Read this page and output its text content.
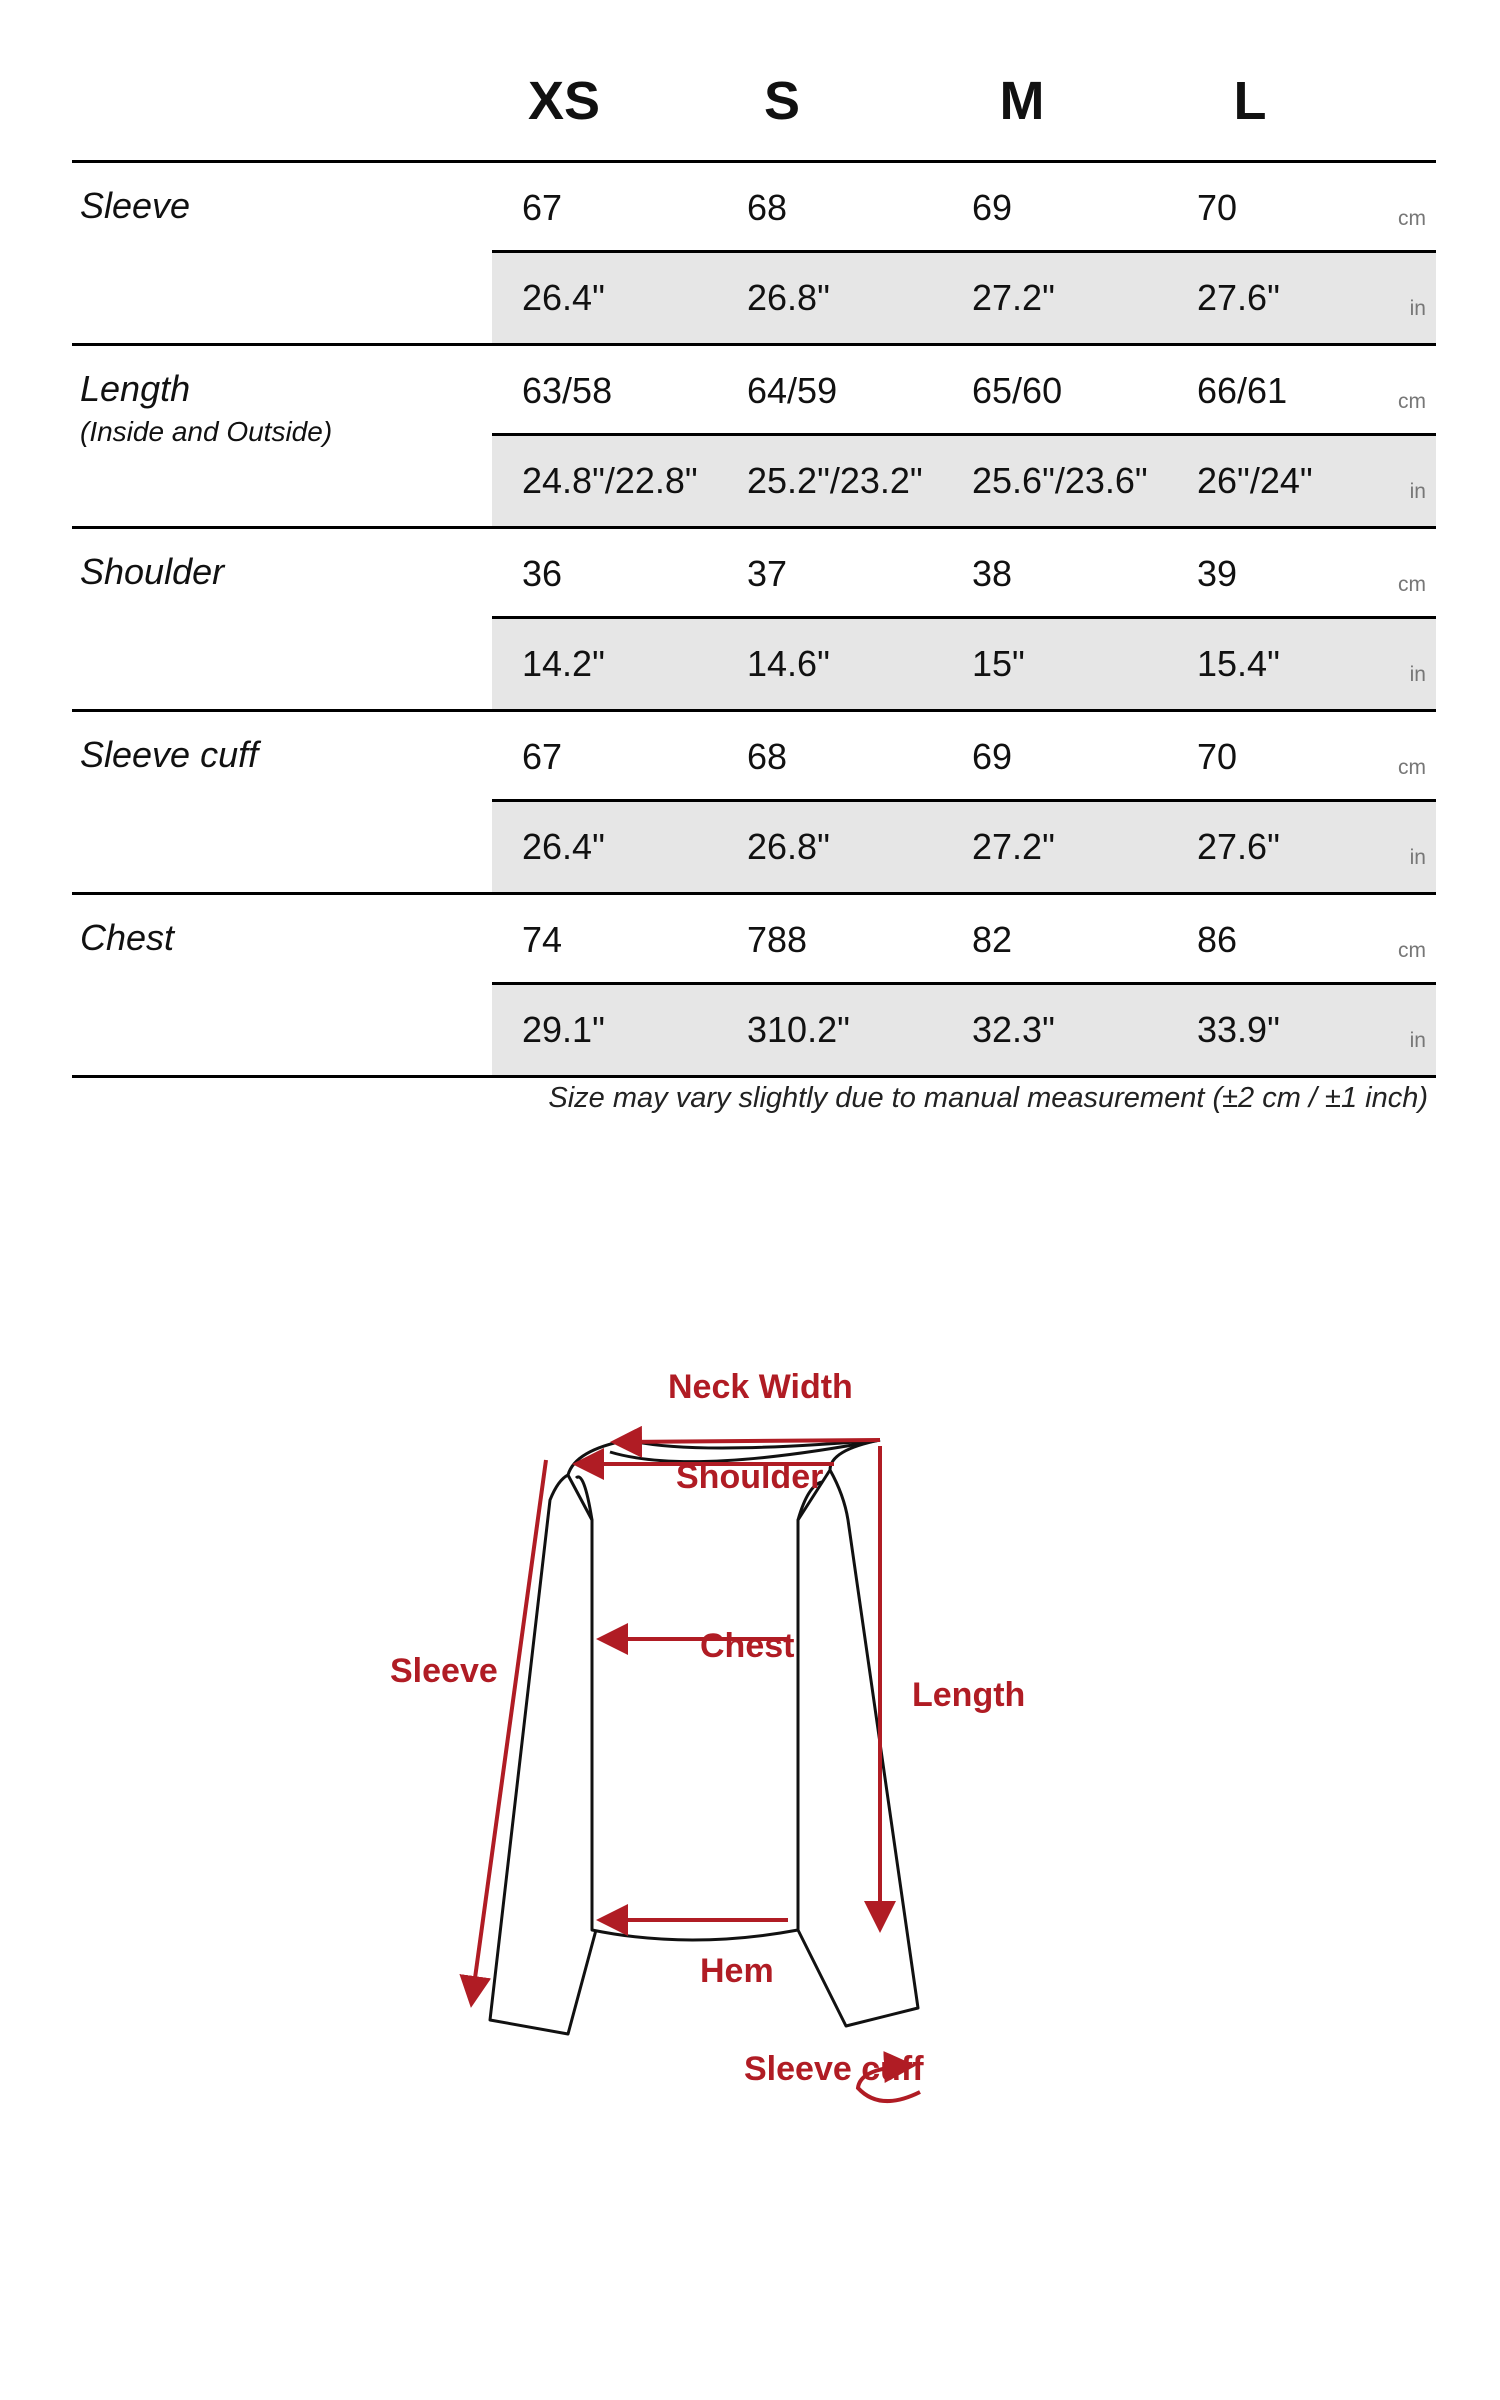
XS	S	M	L
Sleeve	67	68	69	70	cm
26.4"	26.8"	27.2"	27.6"	in
Length
(Inside and Outside)
63/58	64/59	65/60	66/61	cm
24.8"/22.8" 25.2"/23.2" 25.6"/23.6" 26"/24"	in
Shoulder	36	37	38	39	cm
14.2"	14.6"	15"	15.4"	in
Sleeve cuff	67	68	69	70	cm
26.4"	26.8"	27.2"	27.6"	in
Chest	74	788	82	86	cm
29.1"	310.2"	32.3"	33.9"	in
Size may vary slightly due to manual measurement (±2 cm / ±1 inch)
Neck Width
Shoulder
Chest
Sleeve
Length
Hem
Sleeve cuff
